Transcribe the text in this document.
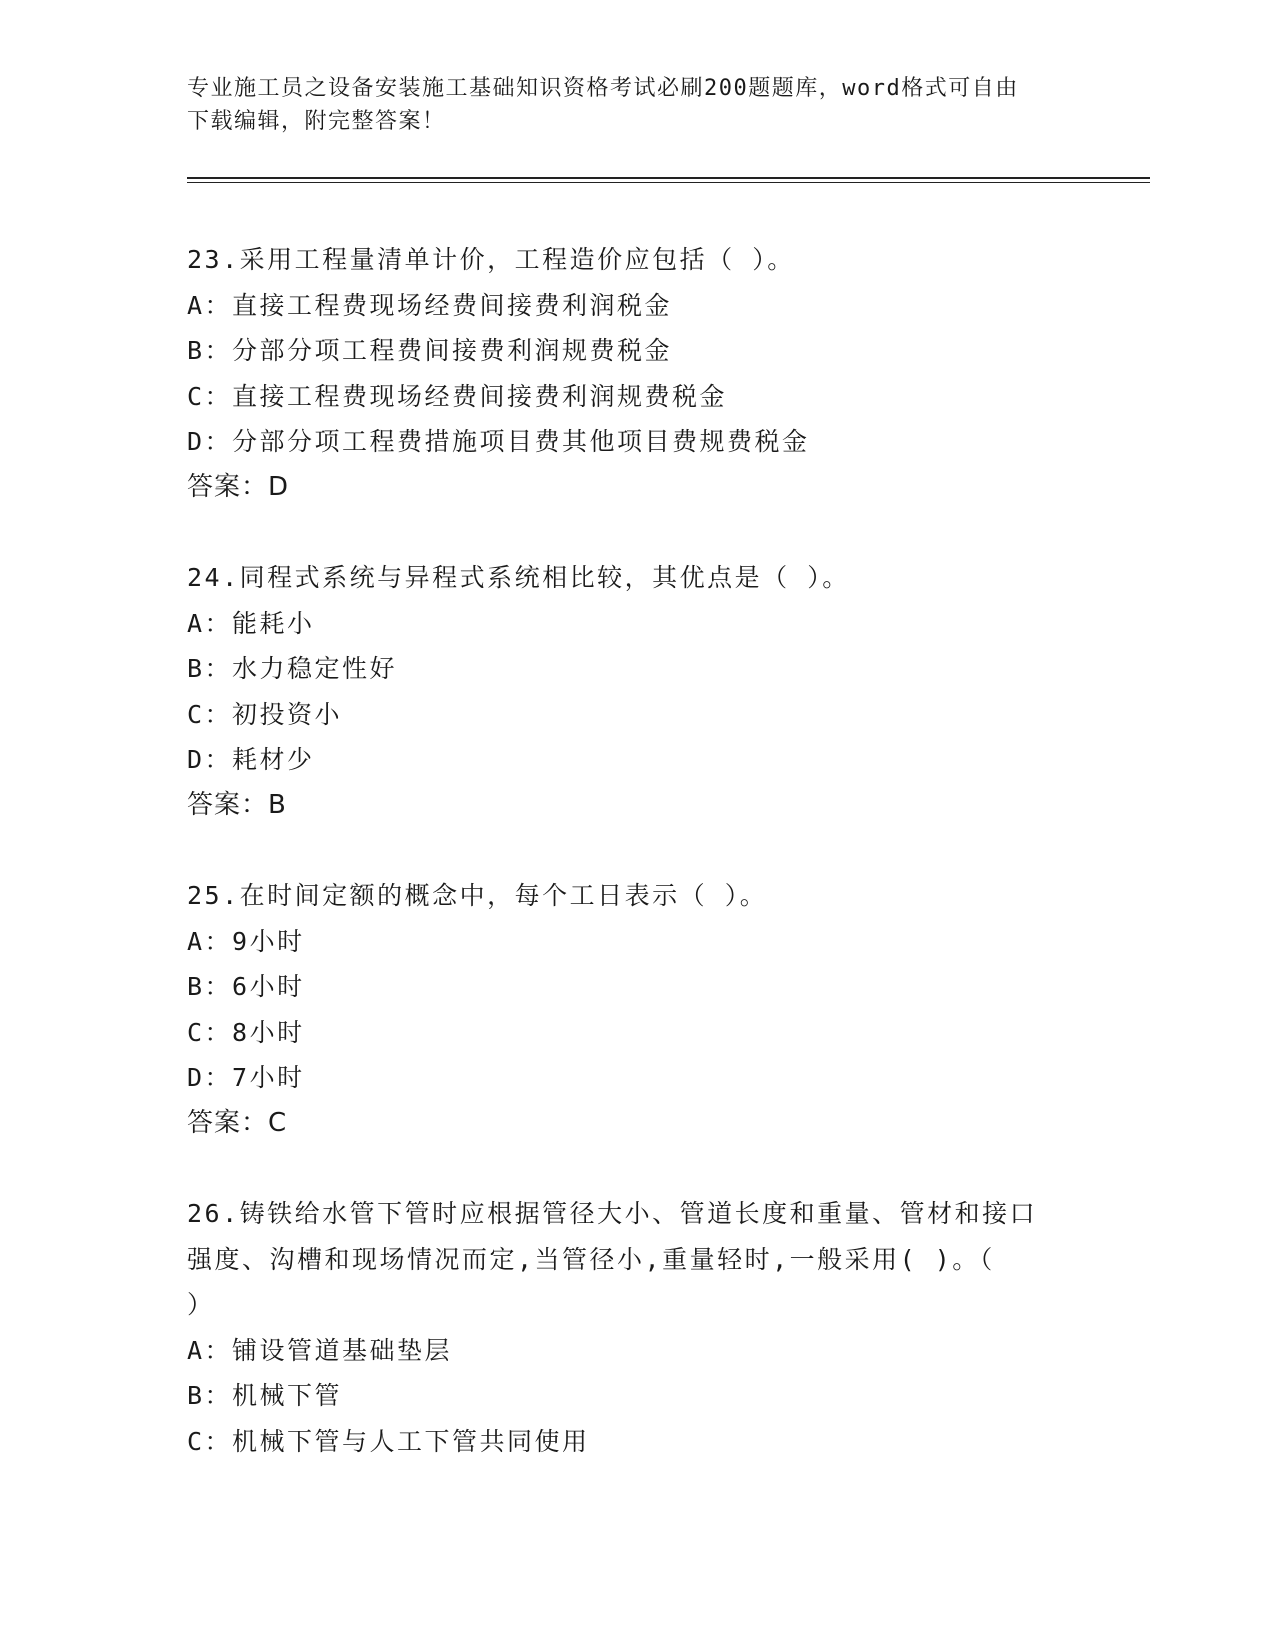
专业施工员之设备安装施工基础知识资格考试必刷200题题库，word格式可自由
下载编辑，附完整答案！

23.采用工程量清单计价，工程造价应包括（ ）。

A：直接工程费现场经费间接费利润税金

B：分部分项工程费间接费利润规费税金

C：直接工程费现场经费间接费利润规费税金

D：分部分项工程费措施项目费其他项目费规费税金

答案：D

24.同程式系统与异程式系统相比较，其优点是（ ）。

A：能耗小

B：水力稳定性好

C：初投资小

D：耗材少

答案：B

25.在时间定额的概念中，每个工日表示（ ）。

A：9小时

B：6小时

C：8小时

D：7小时

答案：C

26.铸铁给水管下管时应根据管径大小、管道长度和重量、管材和接口

强度、沟槽和现场情况而定,当管径小,重量轻时,一般采用( )。（

）

A：铺设管道基础垫层

B：机械下管

C：机械下管与人工下管共同使用
